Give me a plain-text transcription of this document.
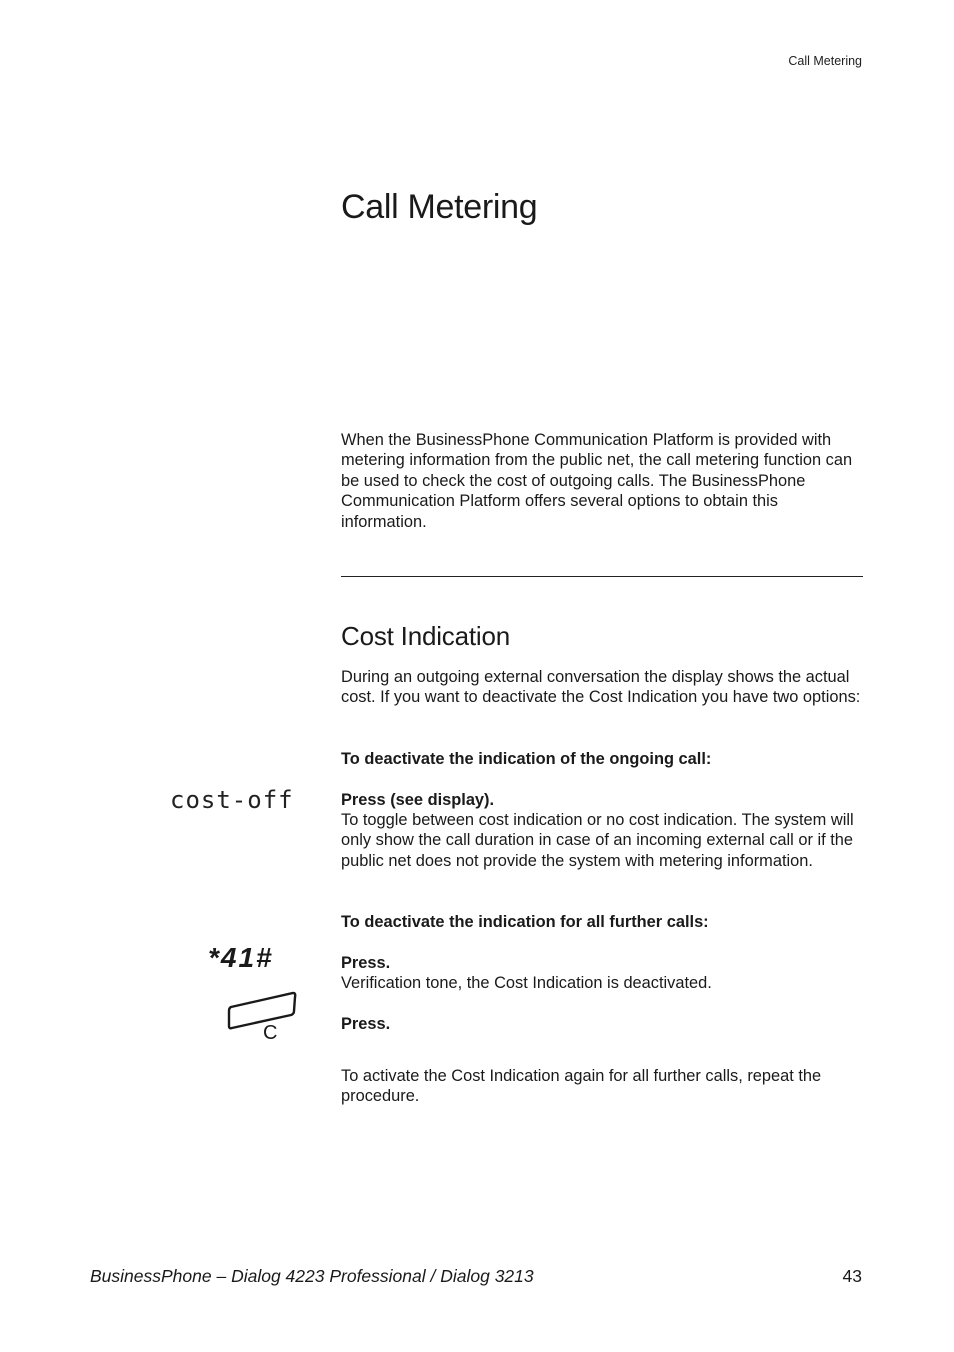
Call Metering
Call Metering

When the BusinessPhone Communication Platform is provided with metering information from the public net, the call metering function can be used to check the cost of outgoing calls. The BusinessPhone Communication Platform offers several options to obtain this information.

Cost Indication

During an outgoing external conversation the display shows the actual cost. If you want to deactivate the Cost Indication you have two options:

To deactivate the indication of the ongoing call:

cost-off	Press (see display).

To toggle between cost indication or no cost indication. The system will only show the call duration in case of an incoming external call or if the public net does not provide the system with metering information.

To deactivate the indication for all further calls:

*41#	Press.

Verification tone, the Cost Indication is deactivated.

C	Press.

To activate the Cost Indication again for all further calls, repeat the procedure.

BusinessPhone – Dialog 4223 Professional / Dialog 3213	43
